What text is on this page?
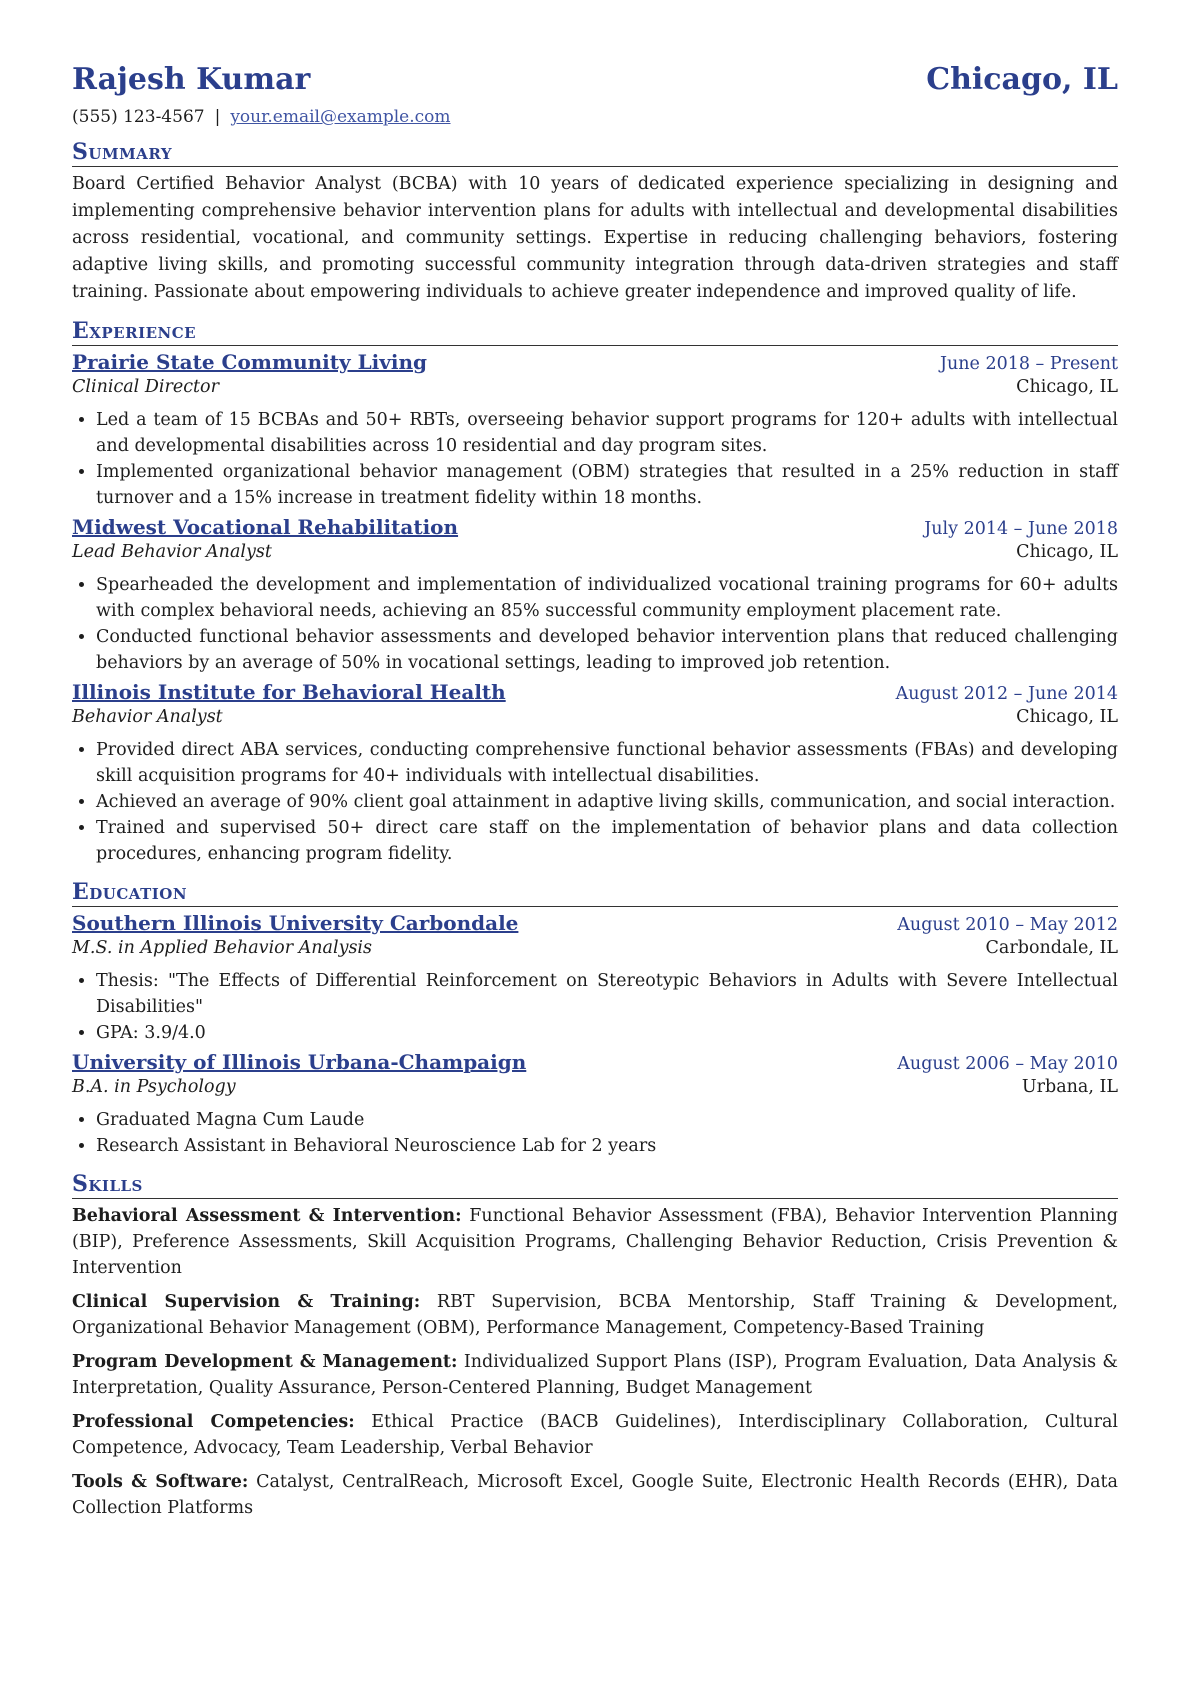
Rajesh Kumar	Chicago, IL
(555) 123-4567 | your.email@example.com
Summary

Board Certified Behavior Analyst (BCBA) with 10 years of dedicated experience specializing in designing and implementing comprehensive behavior intervention plans for adults with intellectual and developmental disabilities across residential, vocational, and community settings. Expertise in reducing challenging behaviors, fostering adaptive living skills, and promoting successful community integration through data-driven strategies and staff training. Passionate about empowering individuals to achieve greater independence and improved quality of life.

Experience
Prairie State Community Living	June 2018 – Present
Clinical Director	Chicago, IL
• Led a team of 15 BCBAs and 50+ RBTs, overseeing behavior support programs for 120+ adults with intellectual and developmental disabilities across 10 residential and day program sites.
• Implemented organizational behavior management (OBM) strategies that resulted in a 25% reduction in staff turnover and a 15% increase in treatment fidelity within 18 months.
Midwest Vocational Rehabilitation	July 2014 – June 2018
Lead Behavior Analyst	Chicago, IL
• Spearheaded the development and implementation of individualized vocational training programs for 60+ adults with complex behavioral needs, achieving an 85% successful community employment placement rate.
• Conducted functional behavior assessments and developed behavior intervention plans that reduced challenging behaviors by an average of 50% in vocational settings, leading to improved job retention.
Illinois Institute for Behavioral Health	August 2012 – June 2014
Behavior Analyst	Chicago, IL
• Provided direct ABA services, conducting comprehensive functional behavior assessments (FBAs) and developing skill acquisition programs for 40+ individuals with intellectual disabilities.
• Achieved an average of 90% client goal attainment in adaptive living skills, communication, and social interaction.
• Trained and supervised 50+ direct care staff on the implementation of behavior plans and data collection procedures, enhancing program fidelity.
Education
Southern Illinois University Carbondale	August 2010 – May 2012
M.S. in Applied Behavior Analysis	Carbondale, IL
• Thesis: "The Effects of Differential Reinforcement on Stereotypic Behaviors in Adults with Severe Intellectual Disabilities"
• GPA: 3.9/4.0
University of Illinois Urbana-Champaign	August 2006 – May 2010
B.A. in Psychology	Urbana, IL
• Graduated Magna Cum Laude
• Research Assistant in Behavioral Neuroscience Lab for 2 years
Skills
Behavioral Assessment & Intervention: Functional Behavior Assessment (FBA), Behavior Intervention Planning (BIP), Preference Assessments, Skill Acquisition Programs, Challenging Behavior Reduction, Crisis Prevention & Intervention
Clinical Supervision & Training: RBT Supervision, BCBA Mentorship, Staff Training & Development, Organizational Behavior Management (OBM), Performance Management, Competency-Based Training
Program Development & Management: Individualized Support Plans (ISP), Program Evaluation, Data Analysis & Interpretation, Quality Assurance, Person-Centered Planning, Budget Management
Professional Competencies: Ethical Practice (BACB Guidelines), Interdisciplinary Collaboration, Cultural Competence, Advocacy, Team Leadership, Verbal Behavior
Tools & Software: Catalyst, CentralReach, Microsoft Excel, Google Suite, Electronic Health Records (EHR), Data Collection Platforms
